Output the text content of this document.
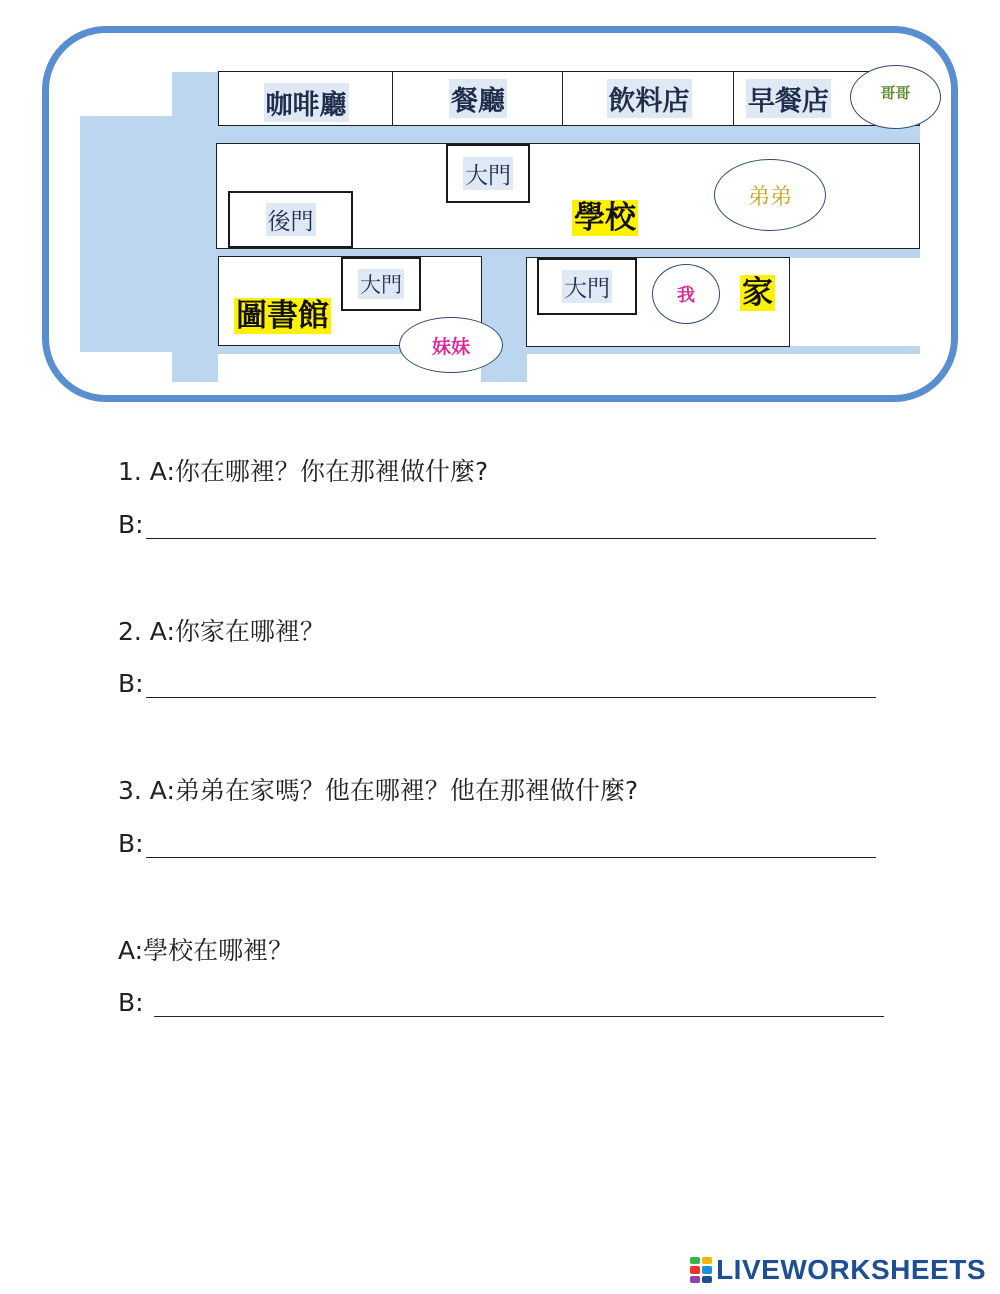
咖啡廳	餐廳	飲料店 早餐店
大門
後門	學校
大門
圖書館
大門	家
哥哥
弟弟
妹妹
我
1. A:你在哪裡？你在那裡做什麼?
B:
2. A:你家在哪裡？
B:
3. A:弟弟在家嗎？他在哪裡？他在那裡做什麼?
B:
A:學校在哪裡？
B:
LIVEWORKSHEETS
